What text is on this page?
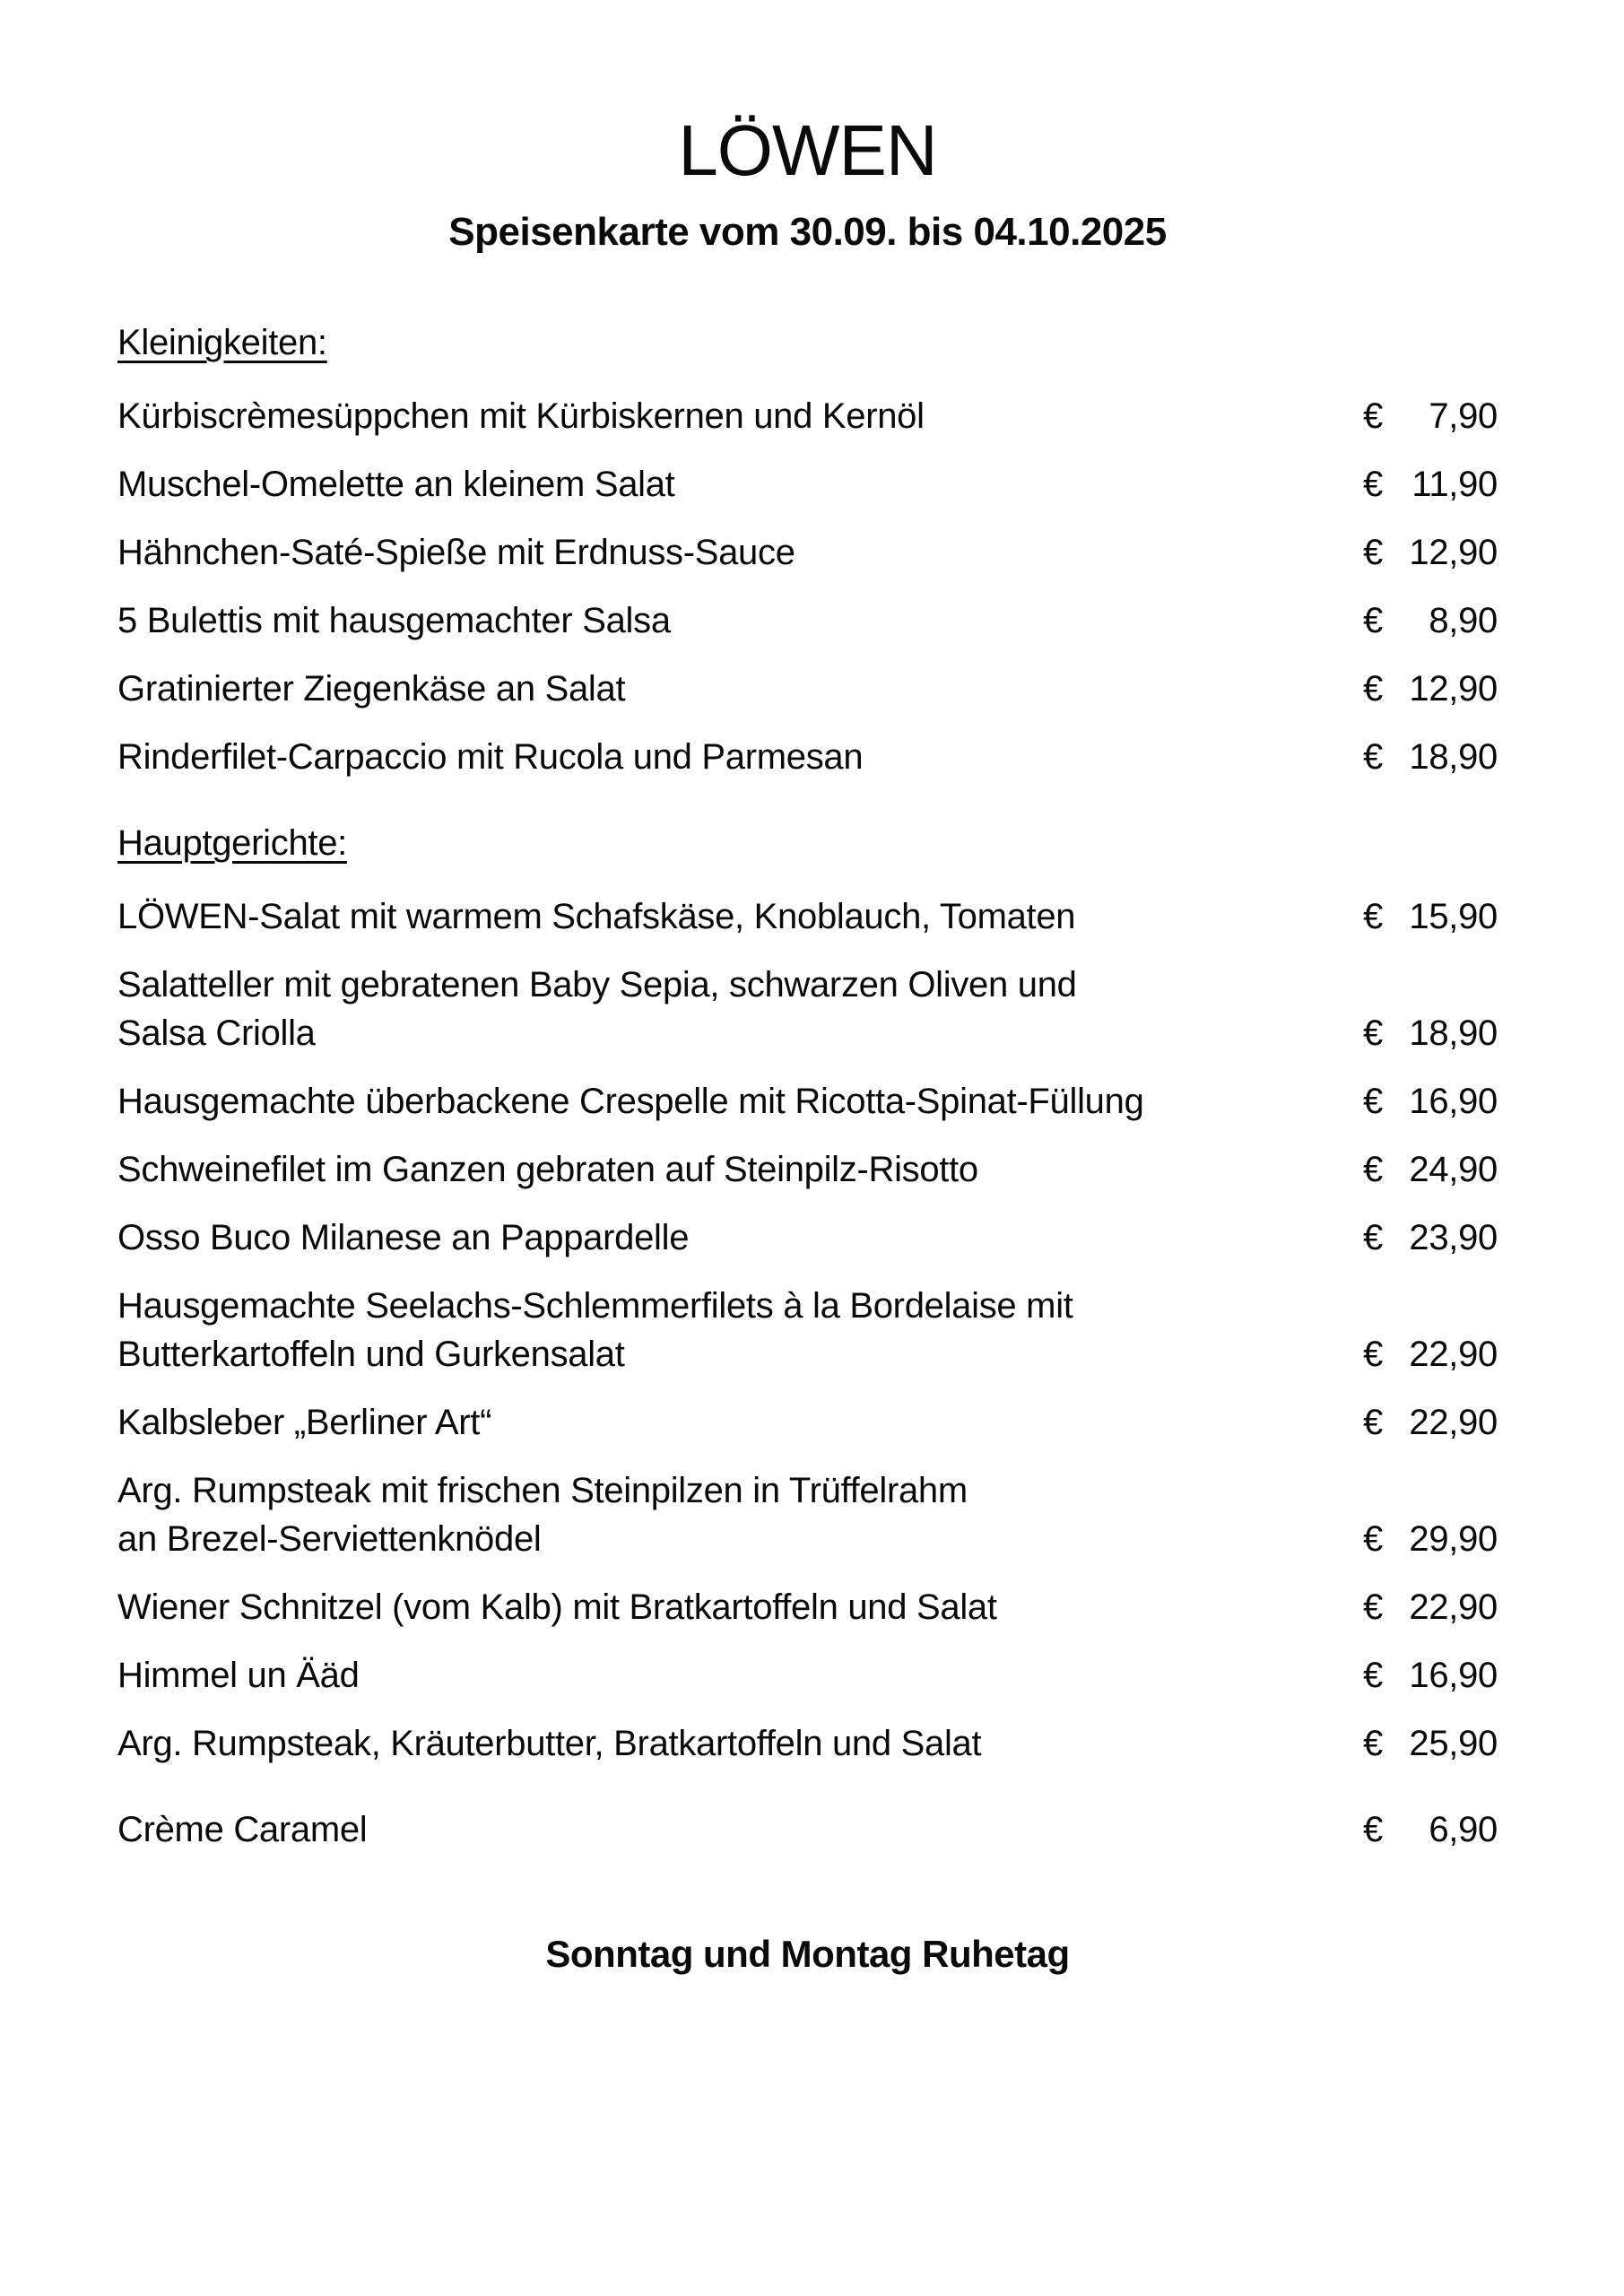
LÖWEN
Speisenkarte vom 30.09. bis 04.10.2025
Kleinigkeiten:
Kürbiscrèmesüppchen mit Kürbiskernen und Kernöl	€ 7,90
Muschel-Omelette an kleinem Salat	€ 11,90
Hähnchen-Saté-Spieße mit Erdnuss-Sauce	€ 12,90
5 Bulettis mit hausgemachter Salsa	€ 8,90
Gratinierter Ziegenkäse an Salat	€ 12,90
Rinderfilet-Carpaccio mit Rucola und Parmesan	€ 18,90
Hauptgerichte:
LÖWEN-Salat mit warmem Schafskäse, Knoblauch, Tomaten	€ 15,90
Salatteller mit gebratenen Baby Sepia, schwarzen Oliven und
Salsa Criolla	€ 18,90
Hausgemachte überbackene Crespelle mit Ricotta-Spinat-Füllung	€ 16,90
Schweinefilet im Ganzen gebraten auf Steinpilz-Risotto	€ 24,90
Osso Buco Milanese an Pappardelle	€ 23,90
Hausgemachte Seelachs-Schlemmerfilets à la Bordelaise mit
Butterkartoffeln und Gurkensalat	€ 22,90
Kalbsleber „Berliner Art“	€ 22,90
Arg. Rumpsteak mit frischen Steinpilzen in Trüffelrahm
an Brezel-Serviettenknödel	€ 29,90
Wiener Schnitzel (vom Kalb) mit Bratkartoffeln und Salat	€ 22,90
Himmel un Ääd	€ 16,90
Arg. Rumpsteak, Kräuterbutter, Bratkartoffeln und Salat	€ 25,90
Crème Caramel	€ 6,90
Sonntag und Montag Ruhetag
